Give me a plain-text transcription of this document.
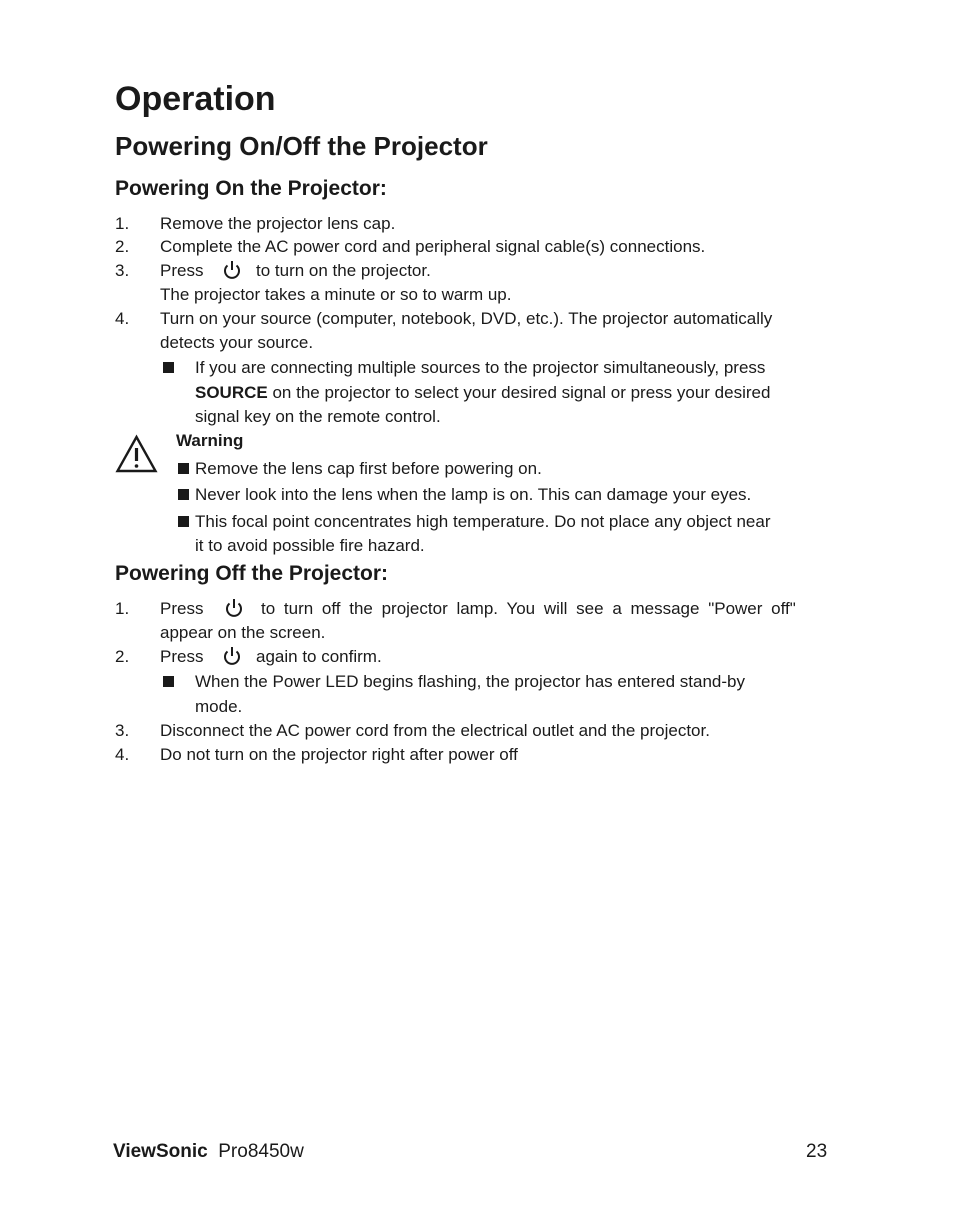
Operation
Powering On/Off the Projector
Powering On the Projector:
1. Remove the projector lens cap.
2. Complete the AC power cord and peripheral signal cable(s) connections.
3. Press	to turn on the projector.
The projector takes a minute or so to warm up.
4. Turn on your source (computer, notebook, DVD, etc.). The projector automatically
detects your source.
If you are connecting multiple sources to the projector simultaneously, press
SOURCE on the projector to select your desired signal or press your desired
signal key on the remote control.
Warning
Remove the lens cap first before powering on.
Never look into the lens when the lamp is on. This can damage your eyes.
This focal point concentrates high temperature. Do not place any object near
it to avoid possible fire hazard.
Powering Off the Projector:
1. Press	to turn off the projector lamp. You will see a message "Power off"
appear on the screen.
2. Press	again to confirm.
When the Power LED begins flashing, the projector has entered stand-by
mode.
3. Disconnect the AC power cord from the electrical outlet and the projector.
4. Do not turn on the projector right after power off
ViewSonic Pro8450w	23
